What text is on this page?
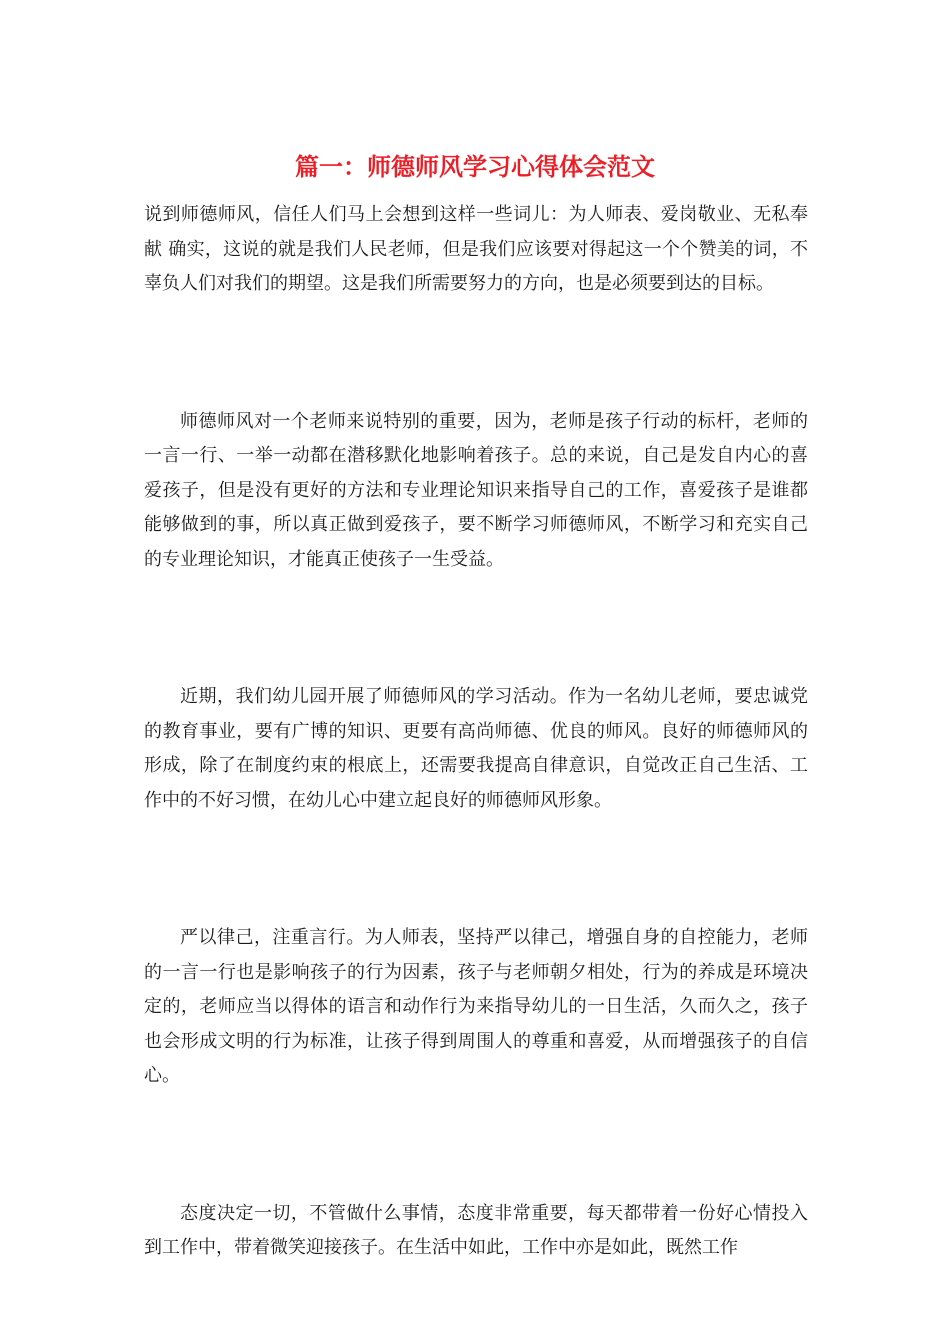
篇一：师德师风学习心得体会范文

说到师德师风，信任人们马上会想到这样一些词儿：为人师表、爱岗敬业、无私奉献 确实，这说的就是我们人民老师，但是我们应该要对得起这一个个赞美的词，不辜负人们对我们的期望。这是我们所需要努力的方向，也是必须要到达的目标。

师德师风对一个老师来说特别的重要，因为，老师是孩子行动的标杆，老师的一言一行、一举一动都在潜移默化地影响着孩子。总的来说，自己是发自内心的喜爱孩子，但是没有更好的方法和专业理论知识来指导自己的工作，喜爱孩子是谁都能够做到的事，所以真正做到爱孩子，要不断学习师德师风，不断学习和充实自己的专业理论知识，才能真正使孩子一生受益。

近期，我们幼儿园开展了师德师风的学习活动。作为一名幼儿老师，要忠诚党的教育事业，要有广博的知识、更要有高尚师德、优良的师风。良好的师德师风的形成，除了在制度约束的根底上，还需要我提高自律意识，自觉改正自己生活、工作中的不好习惯，在幼儿心中建立起良好的师德师风形象。

严以律己，注重言行。为人师表，坚持严以律己，增强自身的自控能力，老师的一言一行也是影响孩子的行为因素，孩子与老师朝夕相处，行为的养成是环境决定的，老师应当以得体的语言和动作行为来指导幼儿的一日生活，久而久之，孩子也会形成文明的行为标准，让孩子得到周围人的尊重和喜爱，从而增强孩子的自信心。

态度决定一切，不管做什么事情，态度非常重要，每天都带着一份好心情投入到工作中，带着微笑迎接孩子。在生活中如此，工作中亦是如此，既然工作
